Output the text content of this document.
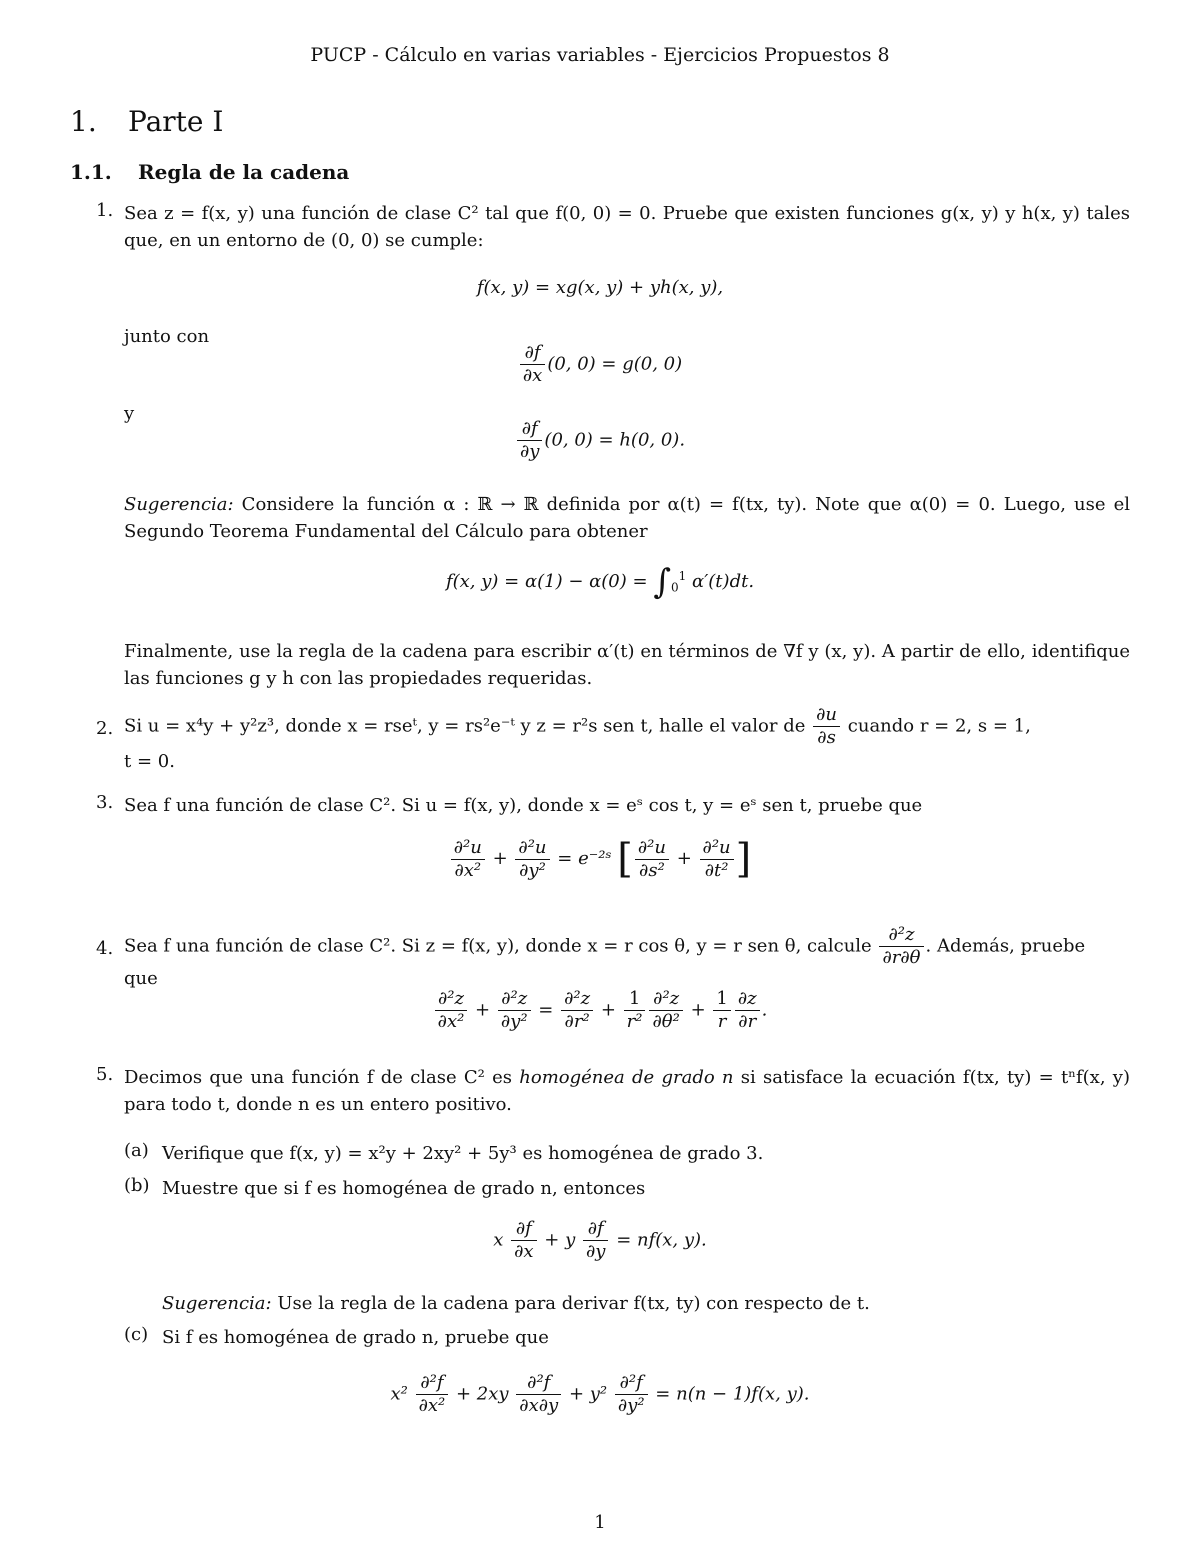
PUCP - Cálculo en varias variables - Ejercicios Propuestos 8
1. Parte I
1.1. Regla de la cadena
1. Sea z = f(x, y) una función de clase C² tal que f(0, 0) = 0. Pruebe que existen funciones g(x, y) y h(x, y) tales que, en un entorno de (0, 0) se cumple:
f(x, y) = xg(x, y) + yh(x, y),
junto con
$\frac{\partial f}{\partial x} (0$, 0) = g(0, 0)
y
$\frac{\partial f}{\partial y} (0$, 0) = h(0, 0).
Sugerencia: Considere la función α : ℝ → ℝ definida por α(t) = f(tx, ty). Note que α(0) = 0. Luego, use el Segundo Teorema Fundamental del Cálculo para obtener
f(x, $y) = \alpha(1) - \alpha(0) = \int_0^1$ α′(t)dt.
Finalmente, use la regla de la cadena para escribir α′(t) en términos de ∇f y (x, y). A partir de ello, identifique las funciones g y h con las propiedades requeridas.
2. Si u = x⁴y + y²z³, donde x = rseᵗ, y = rs²e⁻ᵗ y z = r²s sen t, halle el valor de $\frac{\partial u}{\partial s}$ cuando r = 2, s = 1,
t = 0.
3. Sea f una función de clase C². Si u = f(x, y), donde x = eˢ cos t, y = eˢ sen t, pruebe que
$\frac{\text{∂²u}}{\text{∂x²}} + \frac{\text{∂²u}}{\text{∂y²}}$ = e⁻²ˢ [ $\frac{\text{∂²u}}{\text{∂s²}} + \frac{\text{∂²u}}{\text{∂t²}}$ ]
4. Sea f una función de clase C². Si z = f(x, y), donde x = r cos θ, y = r sen θ, calcule $\frac{\text{∂²z}}{\partial r\partial\theta}$ . Además, pruebe
que
$\frac{\text{∂²z}}{\text{∂x²}} + \frac{\text{∂²z}}{\text{∂y²}} = \frac{\text{∂²z}}{\text{∂r²}} + \frac{1}{\text{r²}} \frac{\text{∂²z}}{\text{∂θ²}} + \frac{1}{r} \frac{\partial z}{\partial r}$ .
5. Decimos que una función f de clase C² es homogénea de grado n si satisface la ecuación f(tx, ty) = tⁿf(x, y) para todo t, donde n es un entero positivo.
(a) Verifique que f(x, y) = x²y + 2xy² + 5y³ es homogénea de grado 3.
(b) Muestre que si f es homogénea de grado n, entonces
x $\frac{\partial f}{\partial x} + y \frac{\partial f}{\partial y} = nf(x$, y).
Sugerencia: Use la regla de la cadena para derivar f(tx, ty) con respecto de t.
(c) Si f es homogénea de grado n, pruebe que
$x^2 \frac{\text{∂²f}}{\text{∂x²}} + 2xy \frac{\text{∂²f}}{\partial x\partial y} + y^2 \frac{\text{∂²f}}{\text{∂y²}} = n(n - 1)f(x$, y).
1
